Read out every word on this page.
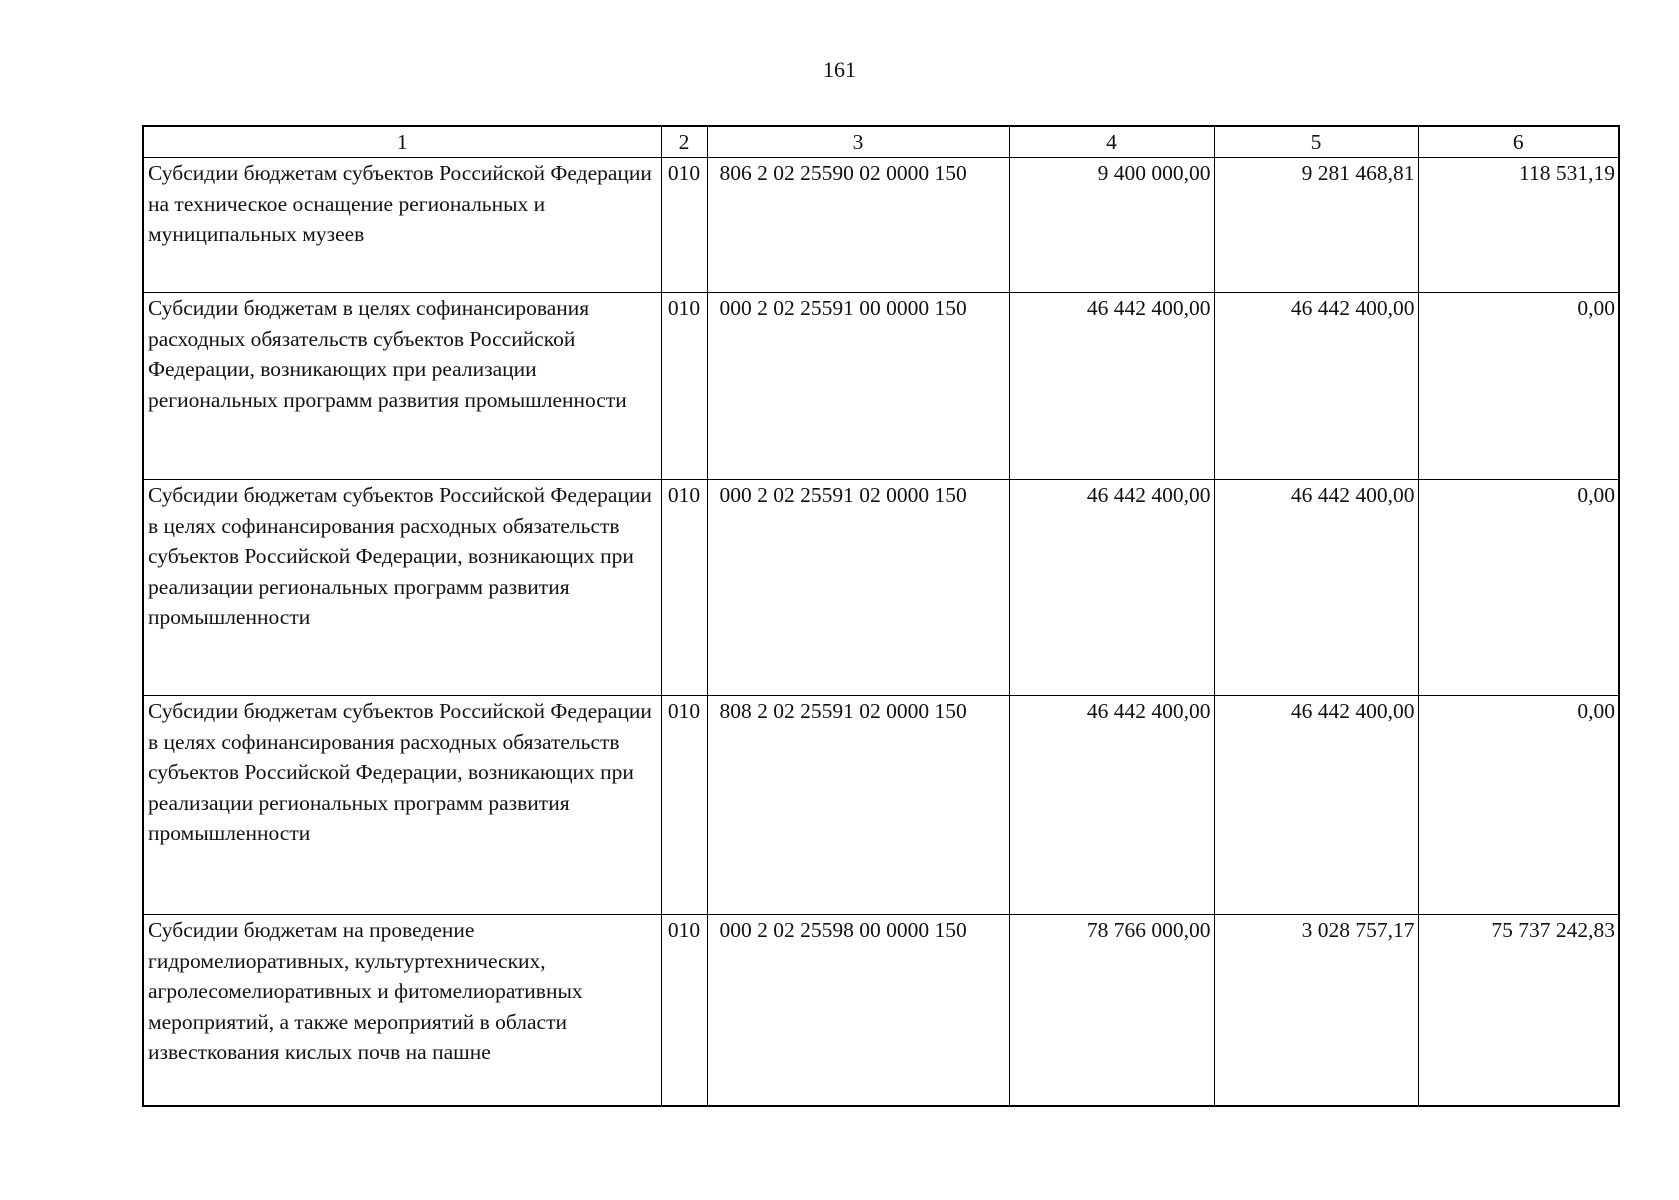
161
1	2	3	4	5	6
Субсидии бюджетам субъектов Российской Федерации на техническое оснащение региональных и муниципальных музеев	010	806 2 02 25590 02 0000 150	9 400 000,00	9 281 468,81	118 531,19
Субсидии бюджетам в целях софинансирования расходных обязательств субъектов Российской Федерации, возникающих при реализации региональных программ развития промышленности	010	000 2 02 25591 00 0000 150	46 442 400,00	46 442 400,00	0,00
Субсидии бюджетам субъектов Российской Федерации в целях софинансирования расходных обязательств субъектов Российской Федерации, возникающих при реализации региональных программ развития промышленности	010	000 2 02 25591 02 0000 150	46 442 400,00	46 442 400,00	0,00
Субсидии бюджетам субъектов Российской Федерации в целях софинансирования расходных обязательств субъектов Российской Федерации, возникающих при реализации региональных программ развития промышленности	010	808 2 02 25591 02 0000 150	46 442 400,00	46 442 400,00	0,00
Субсидии бюджетам на проведение гидромелиоративных, культуртехнических, агролесомелиоративных и фитомелиоративных мероприятий, а также мероприятий в области известкования кислых почв на пашне	010	000 2 02 25598 00 0000 150	78 766 000,00	3 028 757,17	75 737 242,83
